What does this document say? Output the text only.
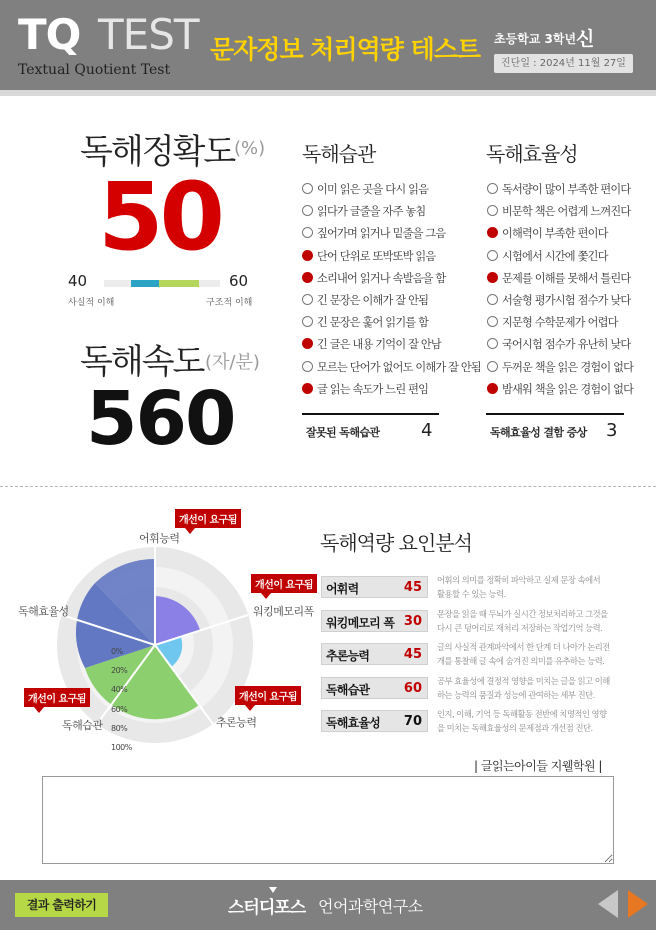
TQ TEST
Textual Quotient Test
문자정보 처리역량 테스트 초등학교 3학년 신
진단일 : 2024년 11월 27일
독해정확도 (%)
50
40	60
사실적 이해	구조적 이해
독해속도 (자/분)
560
독해습관
이미 읽은 곳을 다시 읽음
읽다가 글줄을 자주 놓침
짚어가며 읽거나 밑줄을 그음
단어 단위로 또박또박 읽음
소리내어 읽거나 속발음을 함
긴 문장은 이해가 잘 안됨
긴 문장은 훑어 읽기를 함
긴 글은 내용 기억이 잘 안남
모르는 단어가 없어도 이해가 잘 안됨
글 읽는 속도가 느린 편임
잘못된 독해습관 4
독해효율성
독서량이 많이 부족한 편이다
비문학 책은 어렵게 느껴진다
이해력이 부족한 편이다
시험에서 시간에 쫓긴다
문제를 이해를 못해서 틀린다
서술형 평가시험 점수가 낮다
지문형 수학문제가 어렵다
국어시험 점수가 유난히 낮다
두꺼운 책을 읽은 경험이 없다
밤새워 책을 읽은 경험이 없다
독해효율성 결함 증상 3
0%
20%
40%
60%
80%
100%
어휘능력
워킹메모리폭
추론능력
독해습관
독해효율성
개선이 요구됨
개선이 요구됨
개선이 요구됨
개선이 요구됨
독해역량 요인분석
어휘력	45 어휘의 의미를 정확히 파악하고 실제 문장 속에서
활용할 수 있는 능력.
워킹메모리 폭 30 문장을 읽을 때 두뇌가 실시간 정보처리하고 그것을
다시 큰 덩어리로 재처리 저장하는 작업기억 능력.
추론능력	45 글의 사실적 관계파악에서 한 단계 더 나아가 논리전
개를 통찰해 글 속에 숨겨진 의미를 유추하는 능력.
독해습관	60 공부 효율성에 결정적 영향을 미치는 글을 읽고 이해
하는 능력의 품질과 성능에 관여하는 세부 진단.
독해효율성 70 인지, 이해, 기억 등 독해활동 전반에 치명적인 영향
을 미치는 독해효율성의 문제점과 개선점 진단.
| 글읽는아이들 지웰학원 |
결과 출력하기	스터디포스 언어과학연구소
